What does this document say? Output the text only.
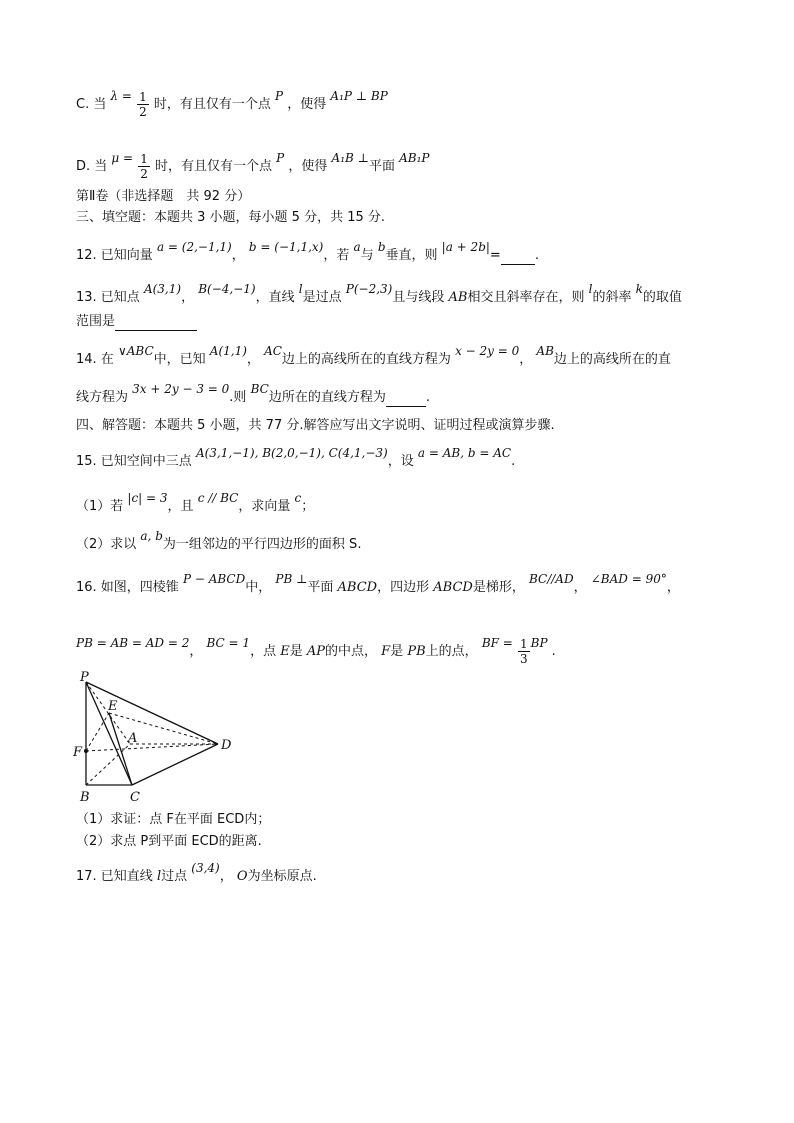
C. 当 $\lambda = \frac{1}{2}$ 时，有且仅有一个点 P ，使得 A₁P ⊥ BP
D. 当 $\mu = \frac{1}{2}$ 时，有且仅有一个点 P ，使得 A₁B ⊥平面 AB₁P
第Ⅱ卷（非选择题　共 92 分）
三、填空题：本题共 3 小题，每小题 5 分，共 15 分.
12. 已知向量 a = (2,−1,1)， b = (−1,1,x)，若 a与 b垂直，则 |a + 2b|=	.
13. 已知点 A(3,1)， B(−4,−1)，直线 l是过点 P(−2,3)且与线段 AB相交且斜率存在，则 l的斜率 k的取值
范围是
14. 在 ∨ABC中，已知 A(1,1)， AC边上的高线所在的直线方程为 x − 2y = 0， AB边上的高线所在的直
线方程为 3x + 2y − 3 = 0.则 BC边所在的直线方程为	.
四、解答题：本题共 5 小题，共 77 分.解答应写出文字说明、证明过程或演算步骤.
15. 已知空间中三点 A(3,1,−1), B(2,0,−1), C(4,1,−3)，设 a = AB, b = AC.
（1）若 |c| = 3，且 c // BC，求向量 c；
（2）求以 a, b为一组邻边的平行四边形的面积 S.
16. 如图，四棱锥 P − ABCD中， PB ⊥平面 ABCD，四边形 ABCD是梯形， BC//AD， ∠BAD = 90°，
PB = AB = AD = 2， BC = 1，点 E是 AP的中点， F是 PB上的点， BF = $\frac{1}{3}$ BP .
P
E
A	D
F
B	C
（1）求证：点 F在平面 ECD内；
（2）求点 P到平面 ECD的距离.
17. 已知直线 l过点 (3,4)， O为坐标原点.
